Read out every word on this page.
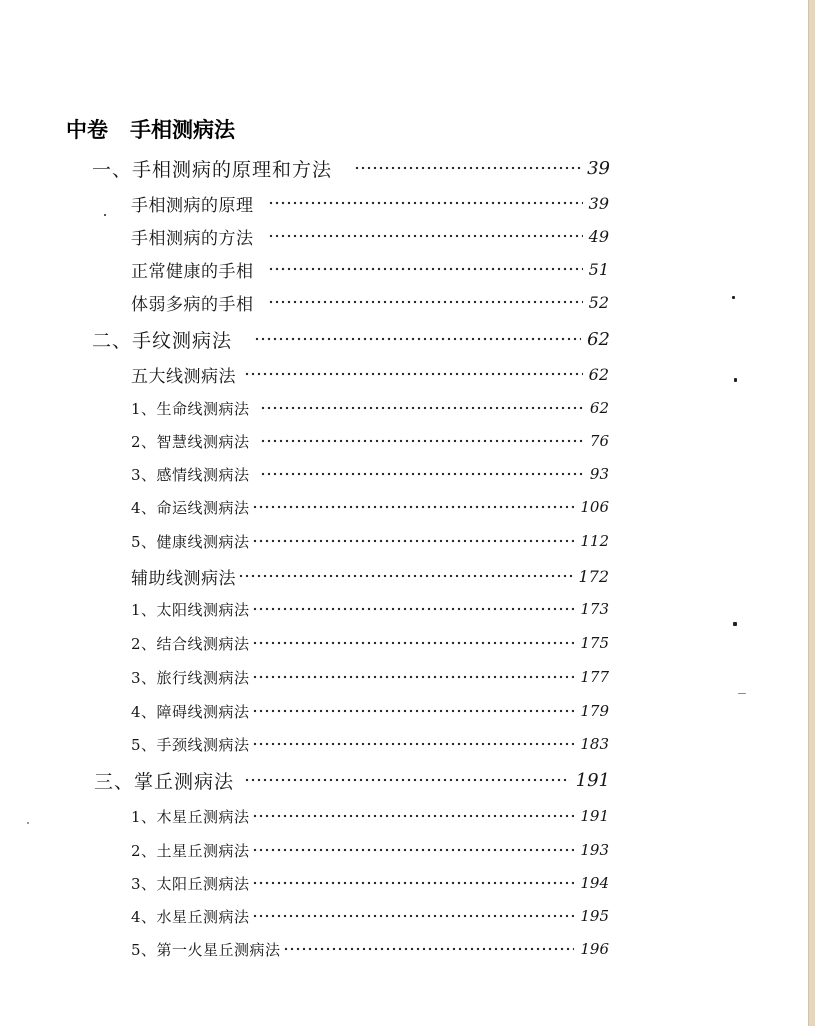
中卷 手相测病法
一、手相测病的原理和方法	39
手相测病的原理	39
手相测病的方法	49
正常健康的手相	51
体弱多病的手相	52
二、手纹测病法	62
五大线测病法	62
1、生命线测病法	62
2、智慧线测病法	76
3、感情线测病法	93
4、命运线测病法	106
5、健康线测病法	112
辅助线测病法	172
1、太阳线测病法	173
2、结合线测病法	175
3、旅行线测病法	177
4、障碍线测病法	179
5、手颈线测病法	183
三、掌丘测病法	191
1、木星丘测病法	191
2、土星丘测病法	193
3、太阳丘测病法	194
4、水星丘测病法	195
5、第一火星丘测病法	196
